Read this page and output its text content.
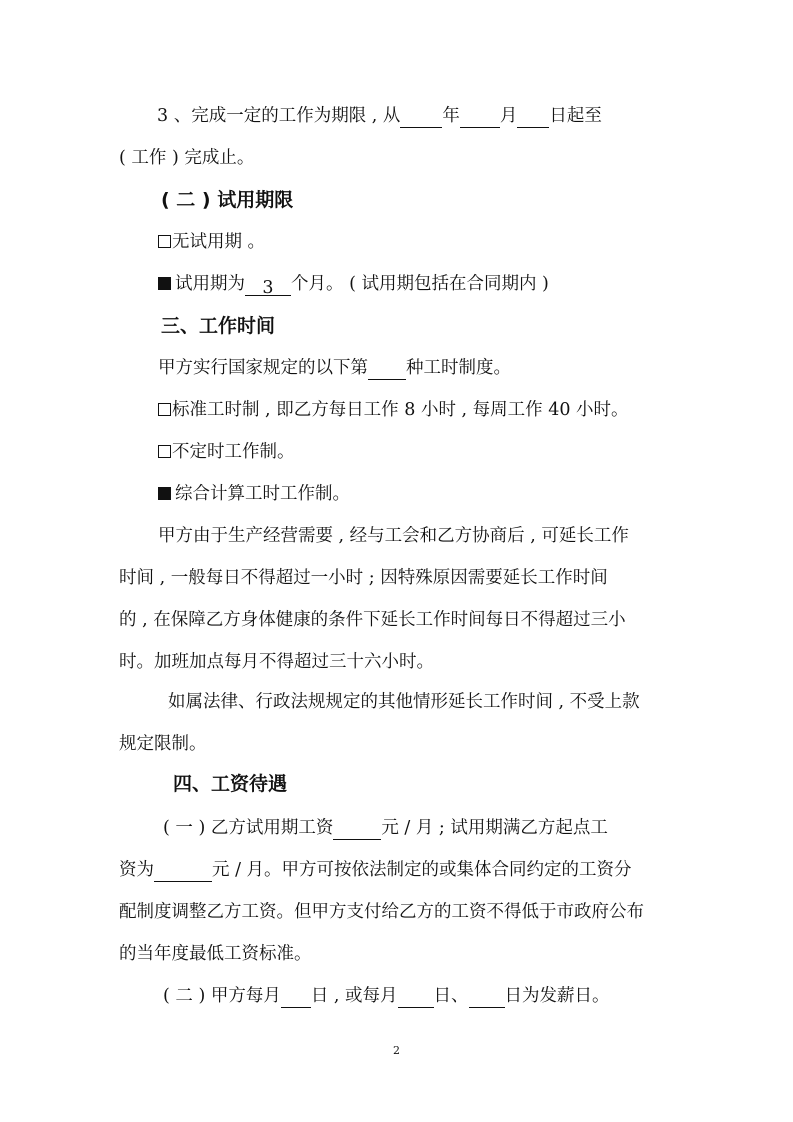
3 、完成一定的工作为期限 , 从 年 月 日起至
( 工作 ) 完成止。
( 二 ) 试用期限
无试用期 。
试用期为 3 个月。 ( 试用期包括在合同期内 )
三、工作时间
甲方实行国家规定的以下第 种工时制度。
标准工时制 , 即乙方每日工作 8 小时 , 每周工作 40 小时。
不定时工作制。
综合计算工时工作制。
甲方由于生产经营需要 , 经与工会和乙方协商后 , 可延长工作
时间 , 一般每日不得超过一小时 ; 因特殊原因需要延长工作时间
的 , 在保障乙方身体健康的条件下延长工作时间每日不得超过三小
时。加班加点每月不得超过三十六小时。
如属法律、行政法规规定的其他情形延长工作时间 , 不受上款
规定限制。
四、工资待遇
( 一 ) 乙方试用期工资	元 / 月 ; 试用期满乙方起点工
资为	元 / 月。甲方可按依法制定的或集体合同约定的工资分
配制度调整乙方工资。但甲方支付给乙方的工资不得低于市政府公布
的当年度最低工资标准。
( 二 ) 甲方每月 日 , 或每月 日、 日为发薪日。
2
